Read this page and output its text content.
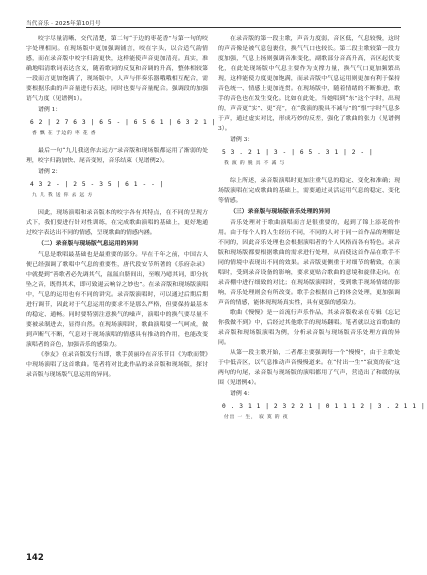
当代音乐 · 2025年第10月号

咬字尽量清晰、交代清楚，第二句“于边的枣花香”与第一句的咬字处理相同。在现场版中更加强调铺言，咬在字头，以合适气韵情感，而在录音版中咬字归韵更快，这样能使声音更加清亮。真实，准确地唱清歌词表达含义，随着歌词的反复和音调的升高，整体相较第一段而言更加饱满了，现场版中，人声与伴奏乐器哦哦相互配合，需要根据乐曲的声音量进行表达，同时也要与音量配合。强调段的加强语气力度（见谱例1）。

谱例 1：
6 2 | 2 7 6 3 | 6 5 - | 6 5 6 1 | 6 3 2 1 |
香 飘 在 于边的 枣 花 香

最后一句“九儿我送你去远方”录音版和现场版都运用了渐弱的处理，咬字归韵加快、尾音变短，音乐结束（见谱例2）。

谱例 2：
4 3 2 - | 2 5 - 3 5 | 6 1 - - |
九 儿 我 送 你 去 远 方

因此，现场演唱和录音版本的咬字各有其特点，在不同的呈现方式下，我们要进行针对性训练，在完成歌曲演唱的基础上，更好地通过咬字表达出不同的情感，呈现歌曲的情感内涵。

（二）录音版与现场版气息运用的异同

气息是歌唱最基础也是最重要的部分。早在千年之前，中国古人便已经强调了歌唱中气息的重要性，唐代段安节所著的《乐府杂录》中就提到“善歌者必先调其气，氤氲自脐间出，至喉乃噫其词，即分抗坠之音，既得其术，即可致遏云响谷之妙也”。在录音版和现场版演唱中，气息的运用也有不同的讲究。录音版演唱时，可以通过后期后期进行调节，因此对于气息运用的要求不是那么严格，但要保持最基本的稳定、通畅。同时要特别注意换气的噪声，演唱中的换气要尽量不要被录制进去，显得自然。在现场演唱时，歌曲演唱要一气呵成，做到声断气不断，气息对于现场演唱的情感具有推动的作用，也能改变演唱者的音色，加强音乐的感染力。

《拳友》在录音版发行当即，歌手黄丽玲在音乐节目《为歌而赞》中现场演唱了这首歌曲。笔者将对比此作品的录音版和现场版，探讨录音版与现场版气息运用的异同。

在录音版的第一段主歌，声音力度弱，音区低，气息较慢，这时的声音像是被气息包裹住，换气气口也较长。第二段主歌较第一段力度加强，气息上扬则强调音准变化，副歌部分音高升高，音区起伏变化，在此处现场版中气息主要作为支撑力量，换气气口更加频繁出现，这样能使力度更加饱满，而录音版中气息运用则更加有利于保持音色统一、情感上更加连贯。在现场版中，随着情绪的不断推进，歌手的音色也在发生变化。比如在此处，当她唱到“东”这个字时，出现的，声音更“实”、更“亮”，在“我演的脱具不减与”的“恨”字时气息多于声，通过虚实对比，形成巧妙的反差，强化了歌曲的张力（见谱例3）。

谱例 3：
5 3 . 2 1 | 3 - | 6 5 . 3 1 | 2 - |
我 演 的 脱 具 不 减 与

综上所述，录音版演唱时更加注重气息的稳定、变化和准确；现场版演唱在完成歌曲的基础上，需要通过灵活运用气息的稳定、变化等情感。

（三）录音版与现场版音乐处理的异同

音乐处理对于歌曲演唱而言是很重要的，起到了锦上添花的作用。由于每个人的人生经历不同，不同的人对于同一首作品的理解是不同的，因此音乐处理也会根据演唱者的个人风格而各有特色。录音版和现场版都要根据歌曲的需求进行处理，从而使这首作品在歌手不同的情境中表现出不同的效果。录音版更侧重于对细节的精致，在演唱时，受到录音设备的影响，要求更贴合歌曲的意境和旋律走向。在录音棚中进行细致的对比；在现场版演唱时，受到歌手现场情绪的影响，音乐处理则会有所改变。歌手会根据自己的体会处理，更加强调声音的情感，能体现现场真实性，具有更强的感染力。

歌曲《慢慢》是一首流行声乐作品，其录音版收录在专辑《忘记你我做不到》中，后经过其他歌手的现场翻唱。笔者就以这首歌曲的录音版和现场版演唱为例，分析录音版与现场版音乐处理方面的异同。

从第一段主歌开始，二者都主要强调每一个“慢慢”，由于主歌处于中低音区，以气息推动声音慢慢道来。在“付出一生”“寂寞的夜”这两句的句尾，录音版与现场版的演唱都用了气声，营造出了和缓的氛围（见谱例4）。

谱例 4：
0 . 3 1 1 | 2 3 2 2 1 | 0 1 1 1 2 | 3 . 2 1 1 |
付出 一 生， 寂 寞 的 夜
142
